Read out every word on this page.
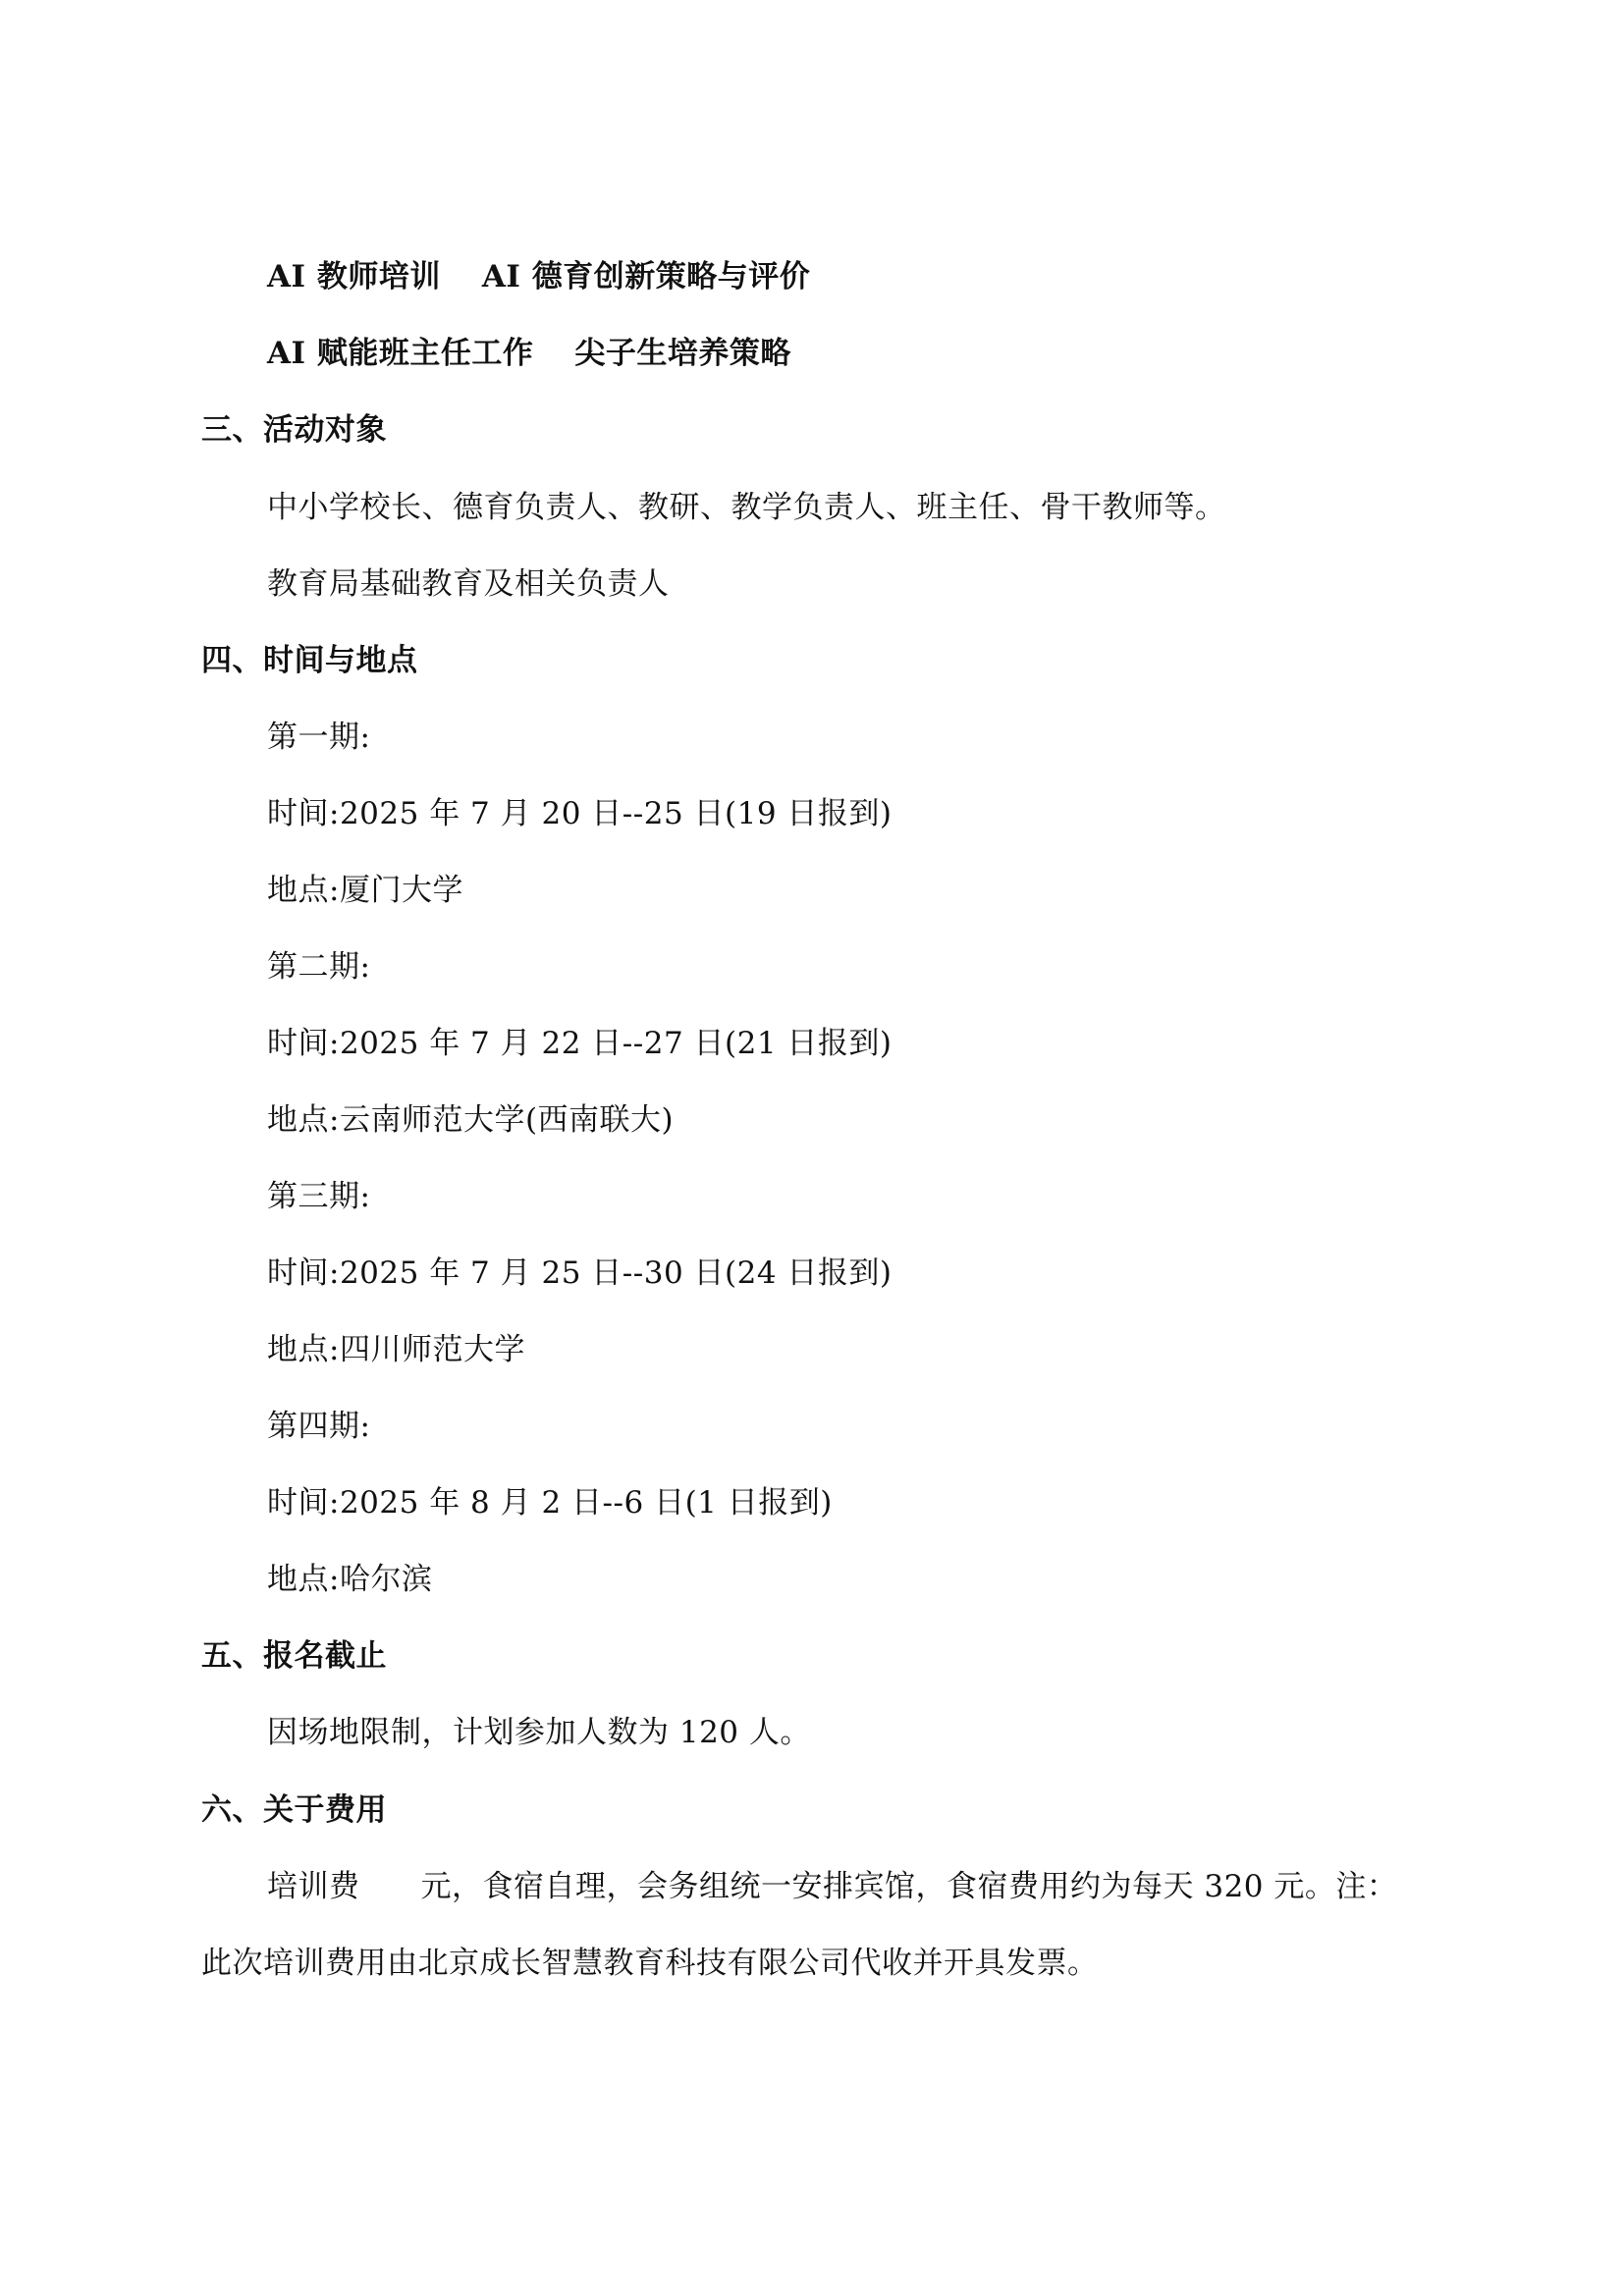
AI 教师培训 AI 德育创新策略与评价
AI 赋能班主任工作 尖子生培养策略
三、活动对象
中小学校长、德育负责人、教研、教学负责人、班主任、骨干教师等。
教育局基础教育及相关负责人
四、时间与地点
第一期:
时间:2025 年 7 月 20 日--25 日(19 日报到)
地点:厦门大学
第二期:
时间:2025 年 7 月 22 日--27 日(21 日报到)
地点:云南师范大学(西南联大)
第三期:
时间:2025 年 7 月 25 日--30 日(24 日报到)
地点:四川师范大学
第四期:
时间:2025 年 8 月 2 日--6 日(1 日报到)
地点:哈尔滨
五、报名截止
因场地限制，计划参加人数为 120 人。
六、关于费用
培训费 元，食宿自理，会务组统一安排宾馆，食宿费用约为每天 320 元。注：
此次培训费用由北京成长智慧教育科技有限公司代收并开具发票。
